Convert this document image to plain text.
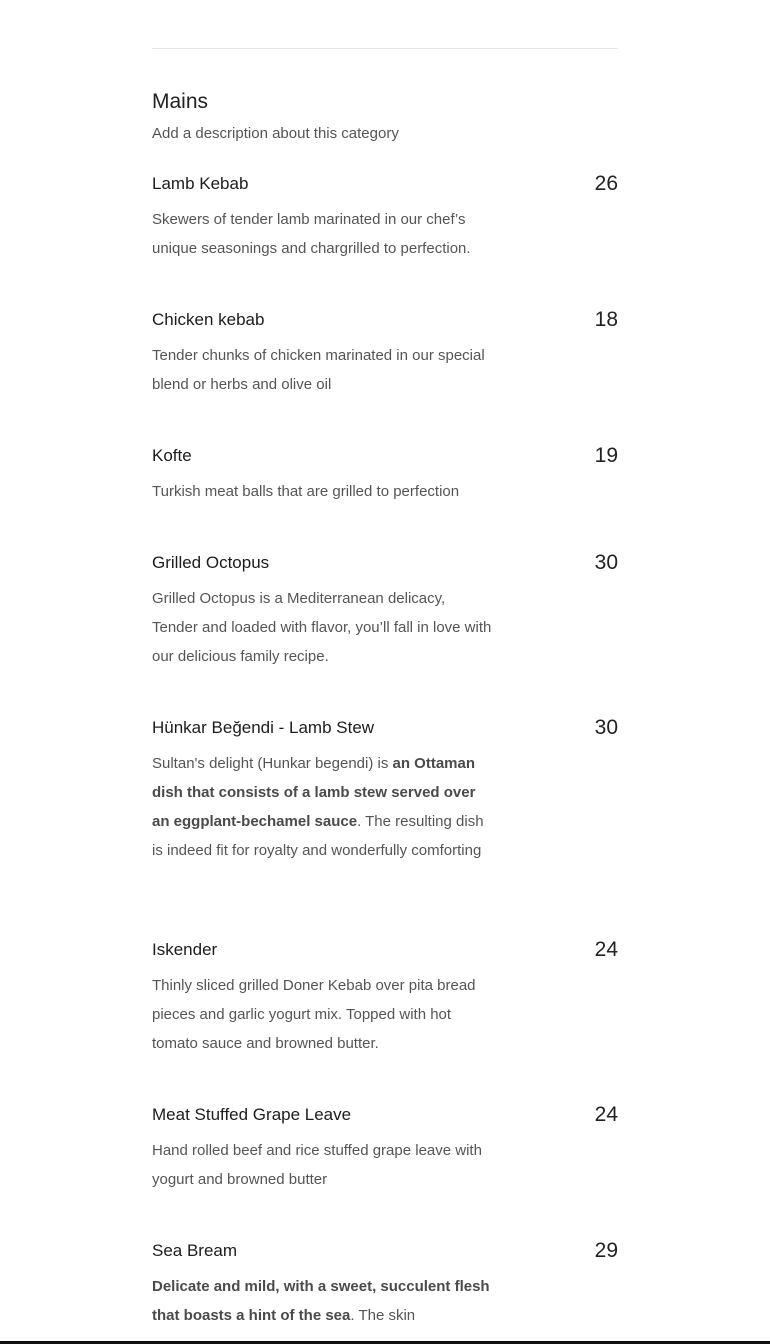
Mains
Add a description about this category
Lamb Kebab	26
Skewers of tender lamb marinated in our chef’s unique seasonings and chargrilled to perfection.
Chicken kebab	18
Tender chunks of chicken marinated in our special blend or herbs and olive oil
Kofte	19
Turkish meat balls that are grilled to perfection
Grilled Octopus	30
Grilled Octopus is a Mediterranean delicacy, Tender and loaded with flavor, you’ll fall in love with our delicious family recipe.
Hünkar Beğendi - Lamb Stew	30
Sultan's delight (Hunkar begendi) is an Ottaman dish that consists of a lamb stew served over an eggplant-bechamel sauce. The resulting dish is indeed fit for royalty and wonderfully comforting
Iskender	24
Thinly sliced grilled Doner Kebab over pita bread pieces and garlic yogurt mix. Topped with hot tomato sauce and browned butter.
Meat Stuffed Grape Leave	24
Hand rolled beef and rice stuffed grape leave with yogurt and browned butter
Sea Bream	29
Delicate and mild, with a sweet, succulent flesh that boasts a hint of the sea. The skin
